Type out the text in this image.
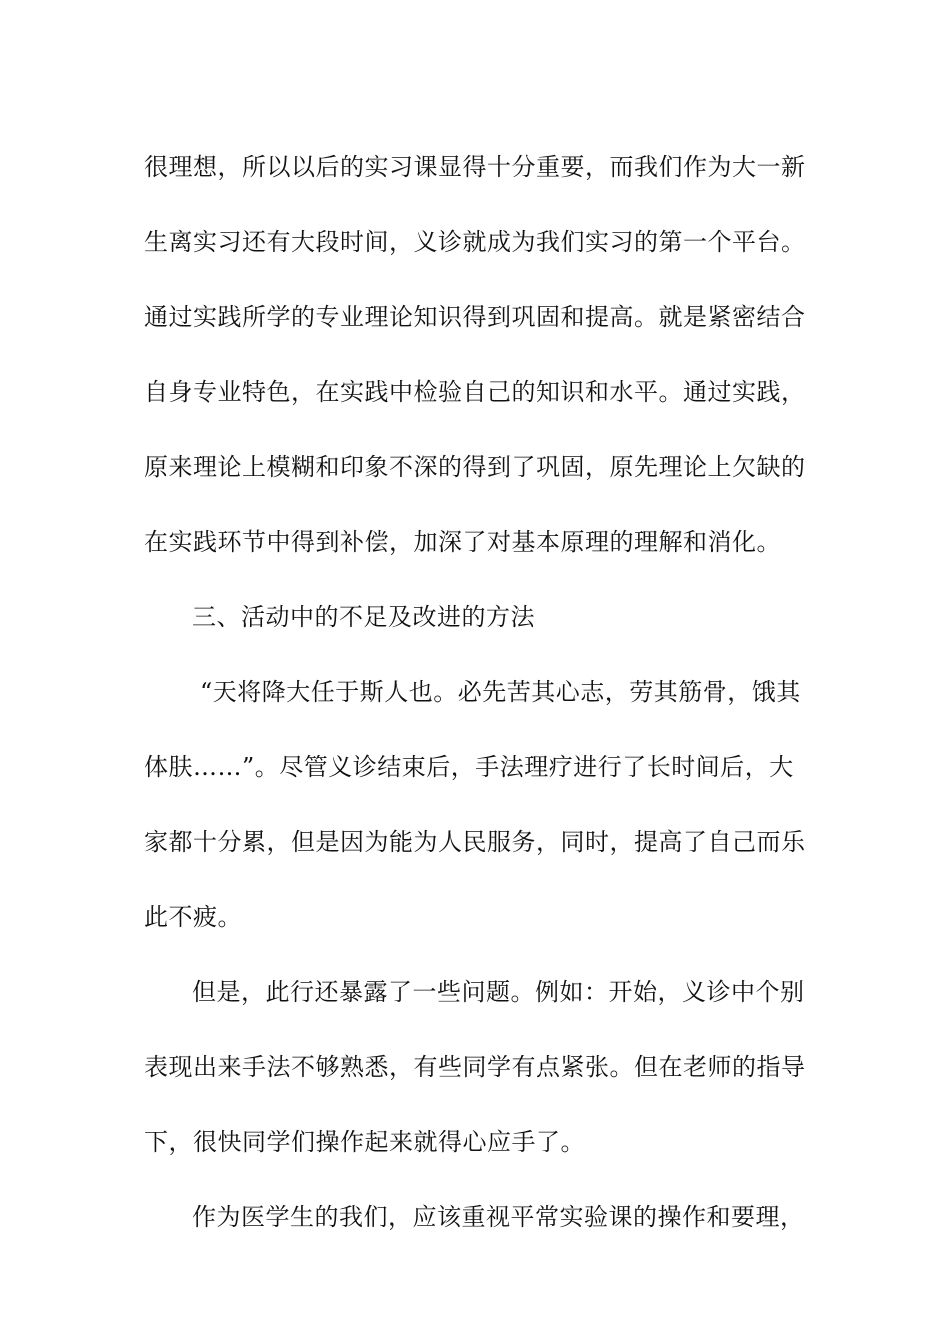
很理想，所以以后的实习课显得十分重要，而我们作为大一新
生离实习还有大段时间，义诊就成为我们实习的第一个平台。
通过实践所学的专业理论知识得到巩固和提高。就是紧密结合
自身专业特色，在实践中检验自己的知识和水平。通过实践，
原来理论上模糊和印象不深的得到了巩固，原先理论上欠缺的
在实践环节中得到补偿，加深了对基本原理的理解和消化。
三、活动中的不足及改进的方法
“天将降大任于斯人也。必先苦其心志，劳其筋骨，饿其
体肤……”。尽管义诊结束后，手法理疗进行了长时间后，大
家都十分累，但是因为能为人民服务，同时，提高了自己而乐
此不疲。
但是，此行还暴露了一些问题。例如：开始，义诊中个别
表现出来手法不够熟悉，有些同学有点紧张。但在老师的指导
下，很快同学们操作起来就得心应手了。
作为医学生的我们，应该重视平常实验课的操作和要理，
